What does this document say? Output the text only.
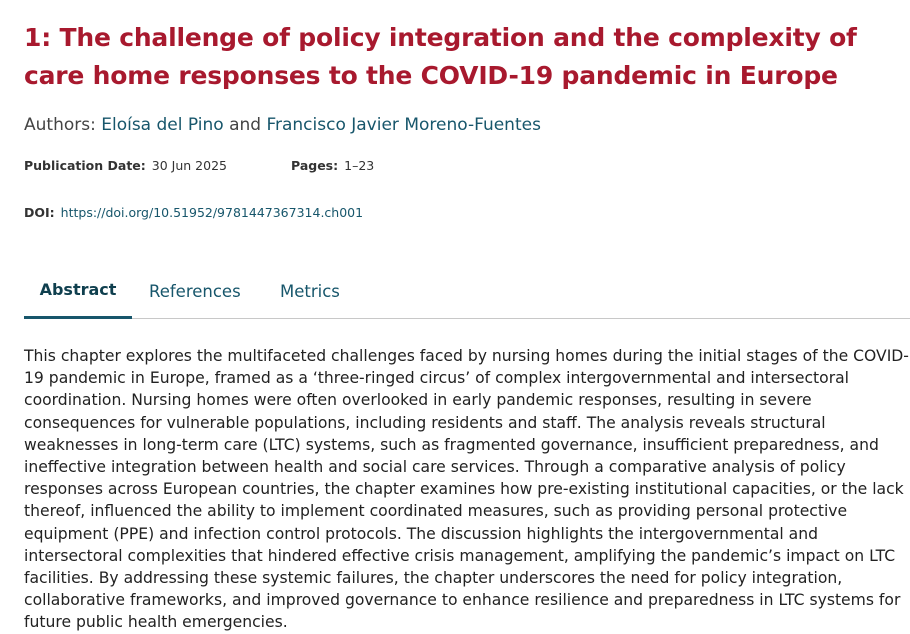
1: The challenge of policy integration and the complexity of care home responses to the COVID-19 pandemic in Europe
Authors: Eloísa del Pino and Francisco Javier Moreno-Fuentes
Publication Date: 30 Jun 2025	Pages: 1–23
DOI: https://doi.org/10.51952/9781447367314.ch001
Abstract	References Metrics

This chapter explores the multifaceted challenges faced by nursing homes during the initial stages of the COVID-19 pandemic in Europe, framed as a ‘three-ringed circus’ of complex intergovernmental and intersectoral coordination. Nursing homes were often overlooked in early pandemic responses, resulting in severe consequences for vulnerable populations, including residents and staff. The analysis reveals structural weaknesses in long-term care (LTC) systems, such as fragmented governance, insufficient preparedness, and ineffective integration between health and social care services. Through a comparative analysis of policy responses across European countries, the chapter examines how pre-existing institutional capacities, or the lack thereof, influenced the ability to implement coordinated measures, such as providing personal protective equipment (PPE) and infection control protocols. The discussion highlights the intergovernmental and intersectoral complexities that hindered effective crisis management, amplifying the pandemic’s impact on LTC facilities. By addressing these systemic failures, the chapter underscores the need for policy integration, collaborative frameworks, and improved governance to enhance resilience and preparedness in LTC systems for future public health emergencies.
